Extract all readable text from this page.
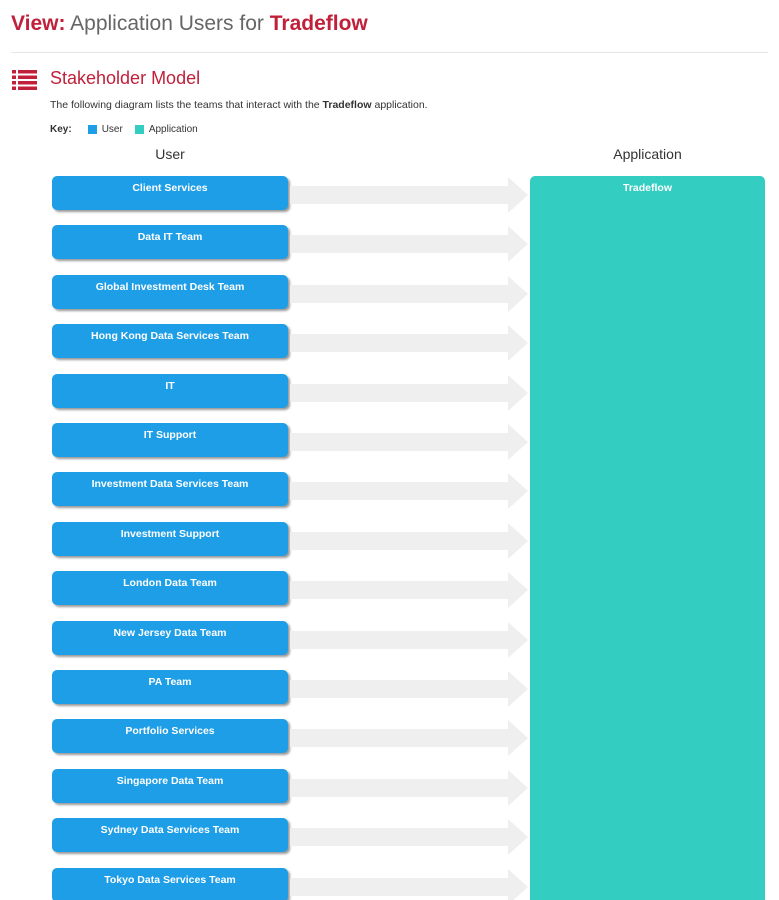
View: Application Users for Tradeflow
Stakeholder Model
The following diagram lists the teams that interact with the Tradeflow application.
Key:	User	Application
User	Application
Client Services
Data IT Team
Global Investment Desk Team
Hong Kong Data Services Team
IT
IT Support
Investment Data Services Team
Investment Support
London Data Team
New Jersey Data Team
PA Team
Portfolio Services
Singapore Data Team
Sydney Data Services Team
Tokyo Data Services Team
Tradeflow
